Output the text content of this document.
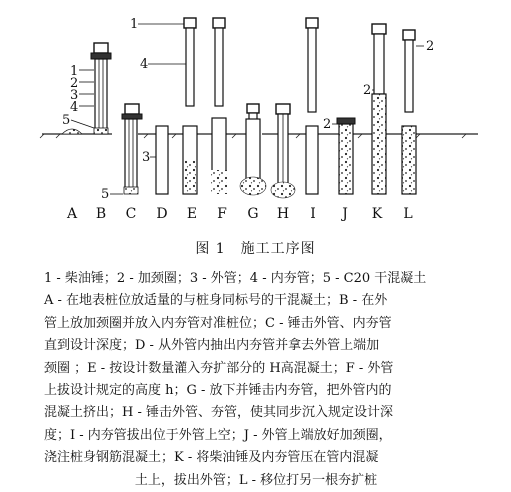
1
2
3
4
5
5
3
1
4
2
2
2
A B C D E F G H I J K L
图 1　施工工序图

1 - 柴油锤；2 - 加颈圈；3 - 外管；4 - 内夯管；5 - C20 干混凝土

A - 在地表桩位放适量的与桩身同标号的干混凝土；B - 在外

管上放加颈圈并放入内夯管对准桩位；C - 锤击外管、内夯管

直到设计深度；D - 从外管内抽出内夯管并拿去外管上端加

颈圈 ；E - 按设计数量灌入夯扩部分的 H高混凝土；F - 外管

上拔设计规定的高度 h；G - 放下并锤击内夯管，把外管内的

混凝土挤出；H - 锤击外管、夯管，使其同步沉入规定设计深

度；I - 内夯管拔出位于外管上空；J - 外管上端放好加颈圈，

浇注桩身钢筋混凝土；K - 将柴油锤及内夯管压在管内混凝

土上，拔出外管；L - 移位打另一根夯扩桩
